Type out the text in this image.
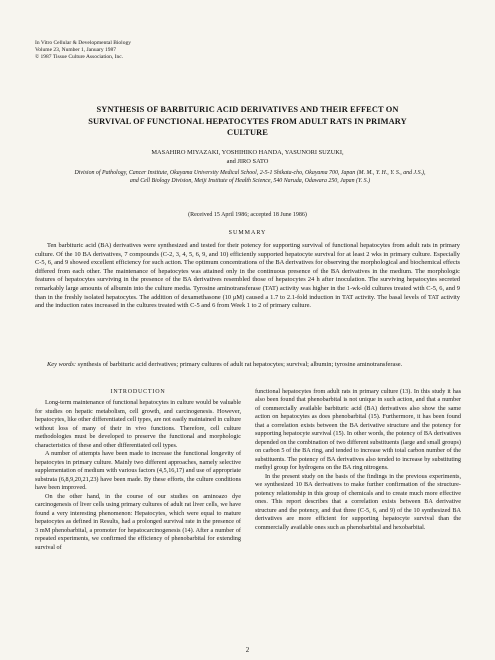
In Vitro Cellular & Developmental Biology
Volume 23, Number 1, January 1987
© 1987 Tissue Culture Association, Inc.
SYNTHESIS OF BARBITURIC ACID DERIVATIVES AND THEIR EFFECT ON SURVIVAL OF FUNCTIONAL HEPATOCYTES FROM ADULT RATS IN PRIMARY CULTURE
MASAHIRO MIYAZAKI, YOSHIHIKO HANDA, YASUNORI SUZUKI,
and JIRO SATO
Division of Pathology, Cancer Institute, Okayama University Medical School, 2-5-1 Shikata-cho, Okayama 700, Japan (M. M., Y. H., Y. S., and J.S.), and Cell Biology Division, Meiji Institute of Health Science, 540 Naruda, Odawara 250, Japan (Y. S.)
(Received 15 April 1986; accepted 18 June 1986)
SUMMARY

Ten barbituric acid (BA) derivatives were synthesized and tested for their potency for supporting survival of functional hepatocytes from adult rats in primary culture. Of the 10 BA derivatives, 7 compounds (C-2, 3, 4, 5, 6, 9, and 10) efficiently supported hepatocyte survival for at least 2 wks in primary culture. Especially C-5, 6, and 9 showed excellent efficiency for such action. The optimum concentrations of the BA derivatives for observing the morphological and biochemical effects differed from each other. The maintenance of hepatocytes was attained only in the continuous presence of the BA derivatives in the medium. The morphologic features of hepatocytes surviving in the presence of the BA derivatives resembled those of hepatocytes 24 h after inoculation. The surviving hepatocytes secreted remarkably large amounts of albumin into the culture media. Tyrosine aminotransferase (TAT) activity was higher in the 1-wk-old cultures treated with C-5, 6, and 9 than in the freshly isolated hepatocytes. The addition of dexamethasone (10 μM) caused a 1.7 to 2.1-fold induction in TAT activity. The basal levels of TAT activity and the induction rates increased in the cultures treated with C-5 and 6 from Week 1 to 2 of primary culture.

Key words: synthesis of barbituric acid derivatives; primary cultures of adult rat hepatocytes; survival; albumin; tyrosine aminotransferase.

INTRODUCTION

Long-term maintenance of functional hepatocytes in culture would be valuable for studies on hepatic metabolism, cell growth, and carcinogenesis. However, hepatocytes, like other differentiated cell types, are not easily maintained in culture without loss of many of their in vivo functions. Therefore, cell culture methodologies must be developed to preserve the functional and morphologic characteristics of these and other differentiated cell types.

A number of attempts have been made to increase the functional longevity of hepatocytes in primary culture. Mainly two different approaches, namely selective supplementation of medium with various factors (4,5,16,17) and use of appropriate substrata (6,8,9,20,21,23) have been made. By these efforts, the culture conditions have been improved.

On the other hand, in the course of our studies on aminoazo dye carcinogenesis of liver cells using primary cultures of adult rat liver cells, we have found a very interesting phenomenon: Hepatocytes, which were equal to mature hepatocytes as defined in Results, had a prolonged survival rate in the presence of 3 mM phenobarbital, a promoter for hepatocarcinogenesis (14). After a number of repeated experiments, we confirmed the efficiency of phenobarbital for extending survival of

functional hepatocytes from adult rats in primary culture (13). In this study it has also been found that phenobarbital is not unique in such action, and that a number of commercially available barbituric acid (BA) derivatives also show the same action on hepatocytes as does phenobarbital (15). Furthermore, it has been found that a correlation exists between the BA derivative structure and the potency for supporting hepatocyte survival (15). In other words, the potency of BA derivatives depended on the combination of two different substituents (large and small groups) on carbon 5 of the BA ring, and tended to increase with total carbon number of the substituents. The potency of BA derivatives also tended to increase by substituting methyl group for hydrogens on the BA ring nitrogens.

In the present study on the basis of the findings in the previous experiments, we synthesized 10 BA derivatives to make further confirmation of the structure-potency relationship in this group of chemicals and to create much more effective ones. This report describes that a correlation exists between BA derivative structure and the potency, and that three (C-5, 6, and 9) of the 10 synthesized BA derivatives are more efficient for supporting hepatocyte survival than the commercially available ones such as phenobarbital and hexobarbital.

2
